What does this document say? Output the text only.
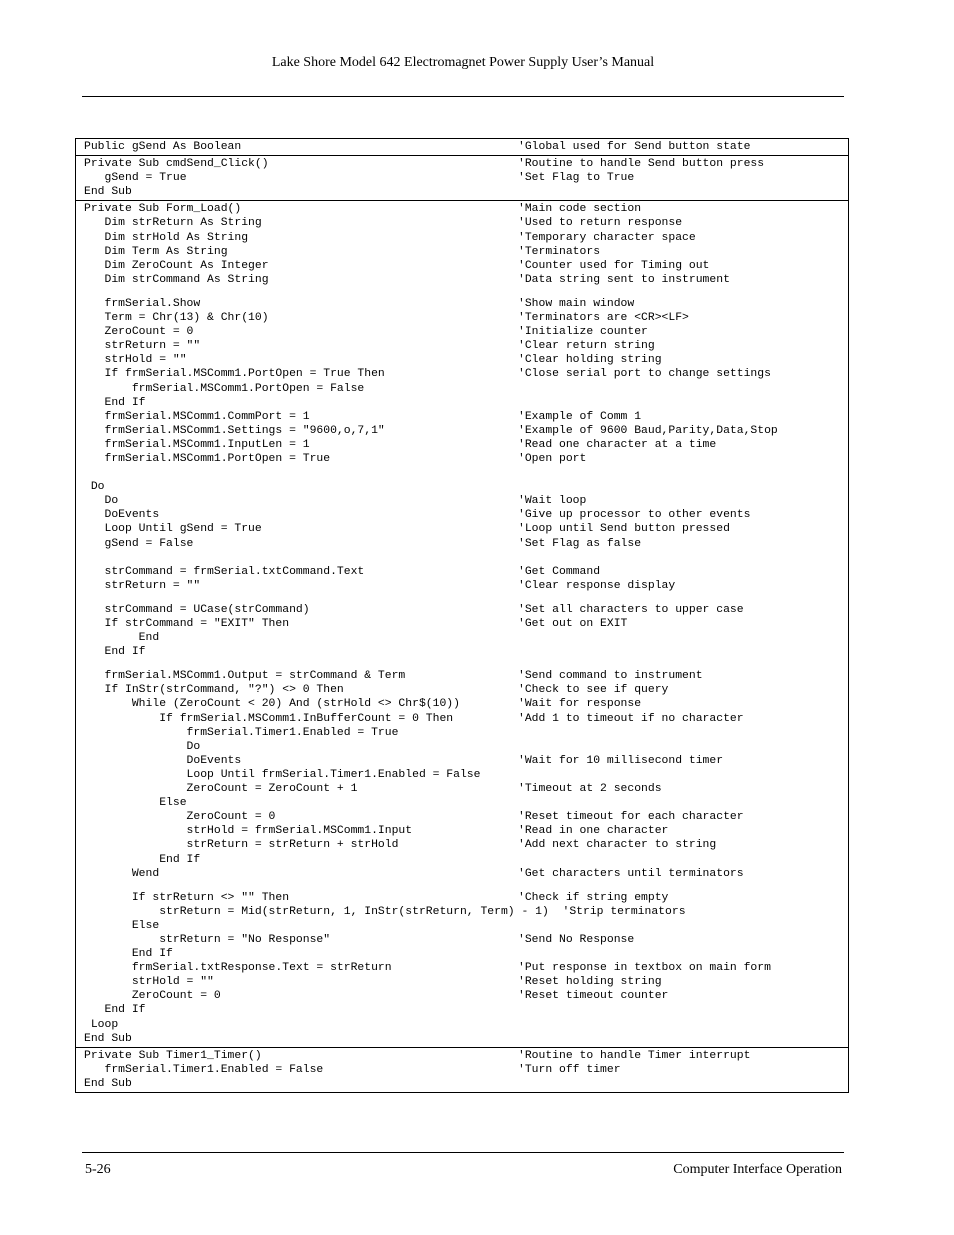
Lake Shore Model 642 Electromagnet Power Supply User’s Manual
Public gSend As Boolean	'Global used for Send button state
Private Sub cmdSend_Click()	'Routine to handle Send button press
gSend = True	'Set Flag to True
End Sub
Private Sub Form_Load()	'Main code section
Dim strReturn As String	'Used to return response
Dim strHold As String	'Temporary character space
Dim Term As String	'Terminators
Dim ZeroCount As Integer	'Counter used for Timing out
Dim strCommand As String	'Data string sent to instrument
frmSerial.Show	'Show main window
Term = Chr(13) & Chr(10)	'Terminators are <CR><LF>
ZeroCount = 0	'Initialize counter
strReturn = ""	'Clear return string
strHold = ""	'Clear holding string
If frmSerial.MSComm1.PortOpen = True Then	'Close serial port to change settings
frmSerial.MSComm1.PortOpen = False
End If
frmSerial.MSComm1.CommPort = 1	'Example of Comm 1
frmSerial.MSComm1.Settings = "9600,o,7,1"	'Example of 9600 Baud,Parity,Data,Stop
frmSerial.MSComm1.InputLen = 1	'Read one character at a time
frmSerial.MSComm1.PortOpen = True	'Open port
Do
Do	'Wait loop
DoEvents	'Give up processor to other events
Loop Until gSend = True	'Loop until Send button pressed
gSend = False	'Set Flag as false
strCommand = frmSerial.txtCommand.Text	'Get Command
strReturn = ""	'Clear response display
strCommand = UCase(strCommand)	'Set all characters to upper case
If strCommand = "EXIT" Then	'Get out on EXIT
End
End If
frmSerial.MSComm1.Output = strCommand & Term	'Send command to instrument
If InStr(strCommand, "?") <> 0 Then	'Check to see if query
While (ZeroCount < 20) And (strHold <> Chr$(10))	'Wait for response
If frmSerial.MSComm1.InBufferCount = 0 Then	'Add 1 to timeout if no character
frmSerial.Timer1.Enabled = True
Do
DoEvents	'Wait for 10 millisecond timer
Loop Until frmSerial.Timer1.Enabled = False
ZeroCount = ZeroCount + 1	'Timeout at 2 seconds
Else
ZeroCount = 0	'Reset timeout for each character
strHold = frmSerial.MSComm1.Input	'Read in one character
strReturn = strReturn + strHold	'Add next character to string
End If
Wend	'Get characters until terminators
If strReturn <> "" Then	'Check if string empty
strReturn = Mid(strReturn, 1, InStr(strReturn, Term) - 1)  'Strip terminators
Else
strReturn = "No Response"	'Send No Response
End If
frmSerial.txtResponse.Text = strReturn	'Put response in textbox on main form
strHold = ""	'Reset holding string
ZeroCount = 0	'Reset timeout counter
End If
Loop
End Sub
Private Sub Timer1_Timer()	'Routine to handle Timer interrupt
frmSerial.Timer1.Enabled = False	'Turn off timer
End Sub
5-26	Computer Interface Operation
